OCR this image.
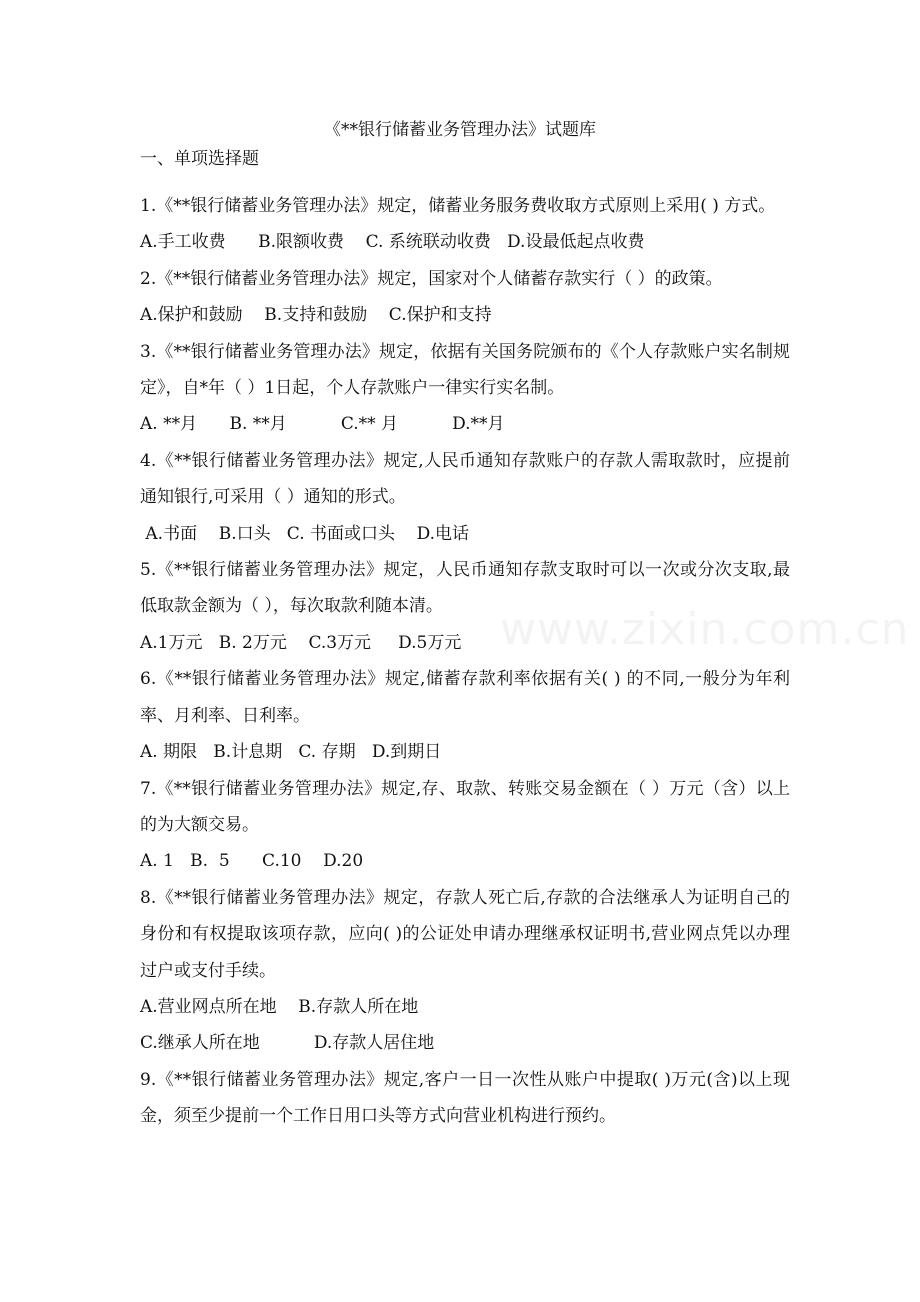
《**银行储蓄业务管理办法》试题库
一、单项选择题

1.《**银行储蓄业务管理办法》规定，储蓄业务服务费收取方式原则上采用( ) 方式。

A.手工收费      B.限额收费    C. 系统联动收费   D.设最低起点收费

2.《**银行储蓄业务管理办法》规定，国家对个人储蓄存款实行（ ）的政策。

A.保护和鼓励    B.支持和鼓励    C.保护和支持

3.《**银行储蓄业务管理办法》规定，依据有关国务院颁布的《个人存款账户实名制规定》，自*年（ ）1日起，个人存款账户一律实行实名制。

A. **月      B. **月          C.** 月          D.**月

4.《**银行储蓄业务管理办法》规定,人民币通知存款账户的存款人需取款时，应提前通知银行,可采用（ ）通知的形式。

A.书面    B.口头   C. 书面或口头    D.电话

5.《**银行储蓄业务管理办法》规定，人民币通知存款支取时可以一次或分次支取,最低取款金额为（ ），每次取款利随本清。

A.1万元   B. 2万元    C.3万元     D.5万元

6.《**银行储蓄业务管理办法》规定,储蓄存款利率依据有关( ) 的不同,一般分为年利率、月利率、日利率。

A. 期限   B.计息期   C. 存期   D.到期日

7.《**银行储蓄业务管理办法》规定,存、取款、转账交易金额在（ ）万元（含）以上的为大额交易。

A. 1   B.  5      C.10    D.20

8.《**银行储蓄业务管理办法》规定，存款人死亡后,存款的合法继承人为证明自己的身份和有权提取该项存款，应向( )的公证处申请办理继承权证明书,营业网点凭以办理过户或支付手续。

A.营业网点所在地    B.存款人所在地

C.继承人所在地          D.存款人居住地

9.《**银行储蓄业务管理办法》规定,客户一日一次性从账户中提取( )万元(含)以上现金，须至少提前一个工作日用口头等方式向营业机构进行预约。

www.zixin.com.cn
